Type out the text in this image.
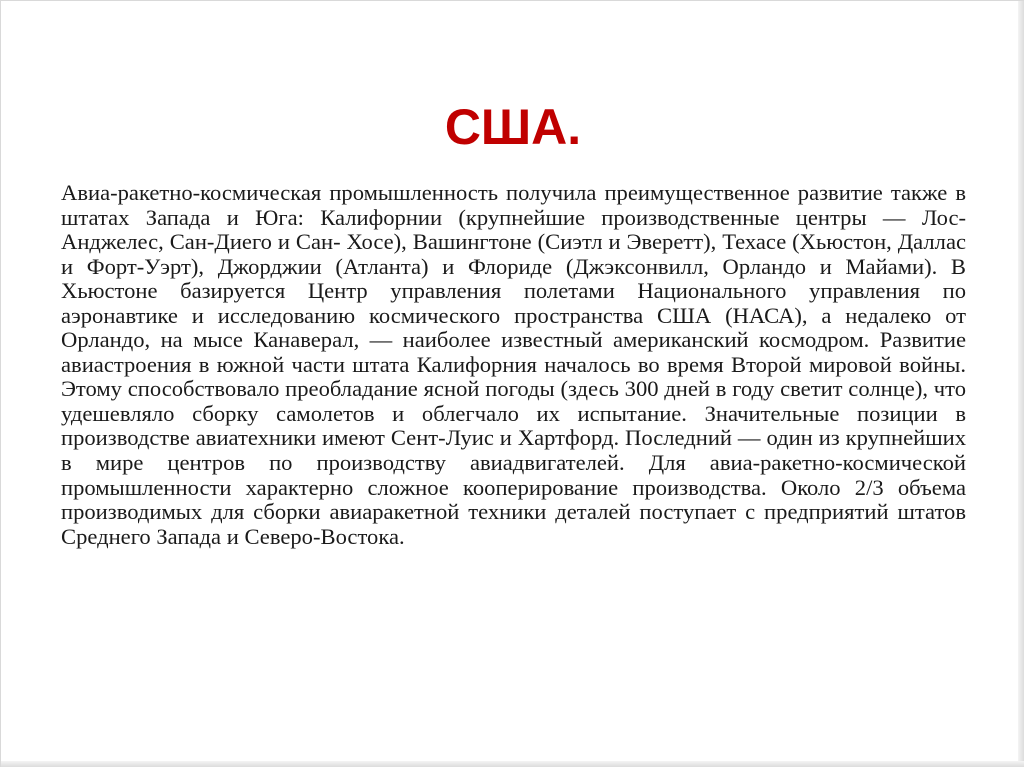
США.

Авиа-ракетно-космическая промышленность получила преимущественное развитие также в штатах Запада и Юга: Калифорнии (крупнейшие производственные центры — Лос-Анджелес, Сан-Диего и Сан- Хосе), Вашингтоне (Сиэтл и Эверетт), Техасе (Хьюстон, Даллас и Форт-Уэрт), Джорджии (Атланта) и Флориде (Джэксонвилл, Орландо и Майами). В Хьюстоне базируется Центр управления полетами Национального управления по аэронавтике и исследованию космического пространства США (НАСА), а недалеко от Орландо, на мысе Канаверал, — наиболее известный американский космодром. Развитие авиастроения в южной части штата Калифорния началось во время Второй мировой войны. Этому способствовало преобладание ясной погоды (здесь 300 дней в году светит солнце), что удешевляло сборку самолетов и облегчало их испытание. Значительные позиции в производстве авиатехники имеют Сент-Луис и Хартфорд. Последний — один из крупнейших в мире центров по производству авиадвигателей. Для авиа-ракетно-космической промышленности характерно сложное кооперирование производства. Около 2/3 объема производимых для сборки авиаракетной техники деталей поступает с предприятий штатов Среднего Запада и Северо-Востока.
